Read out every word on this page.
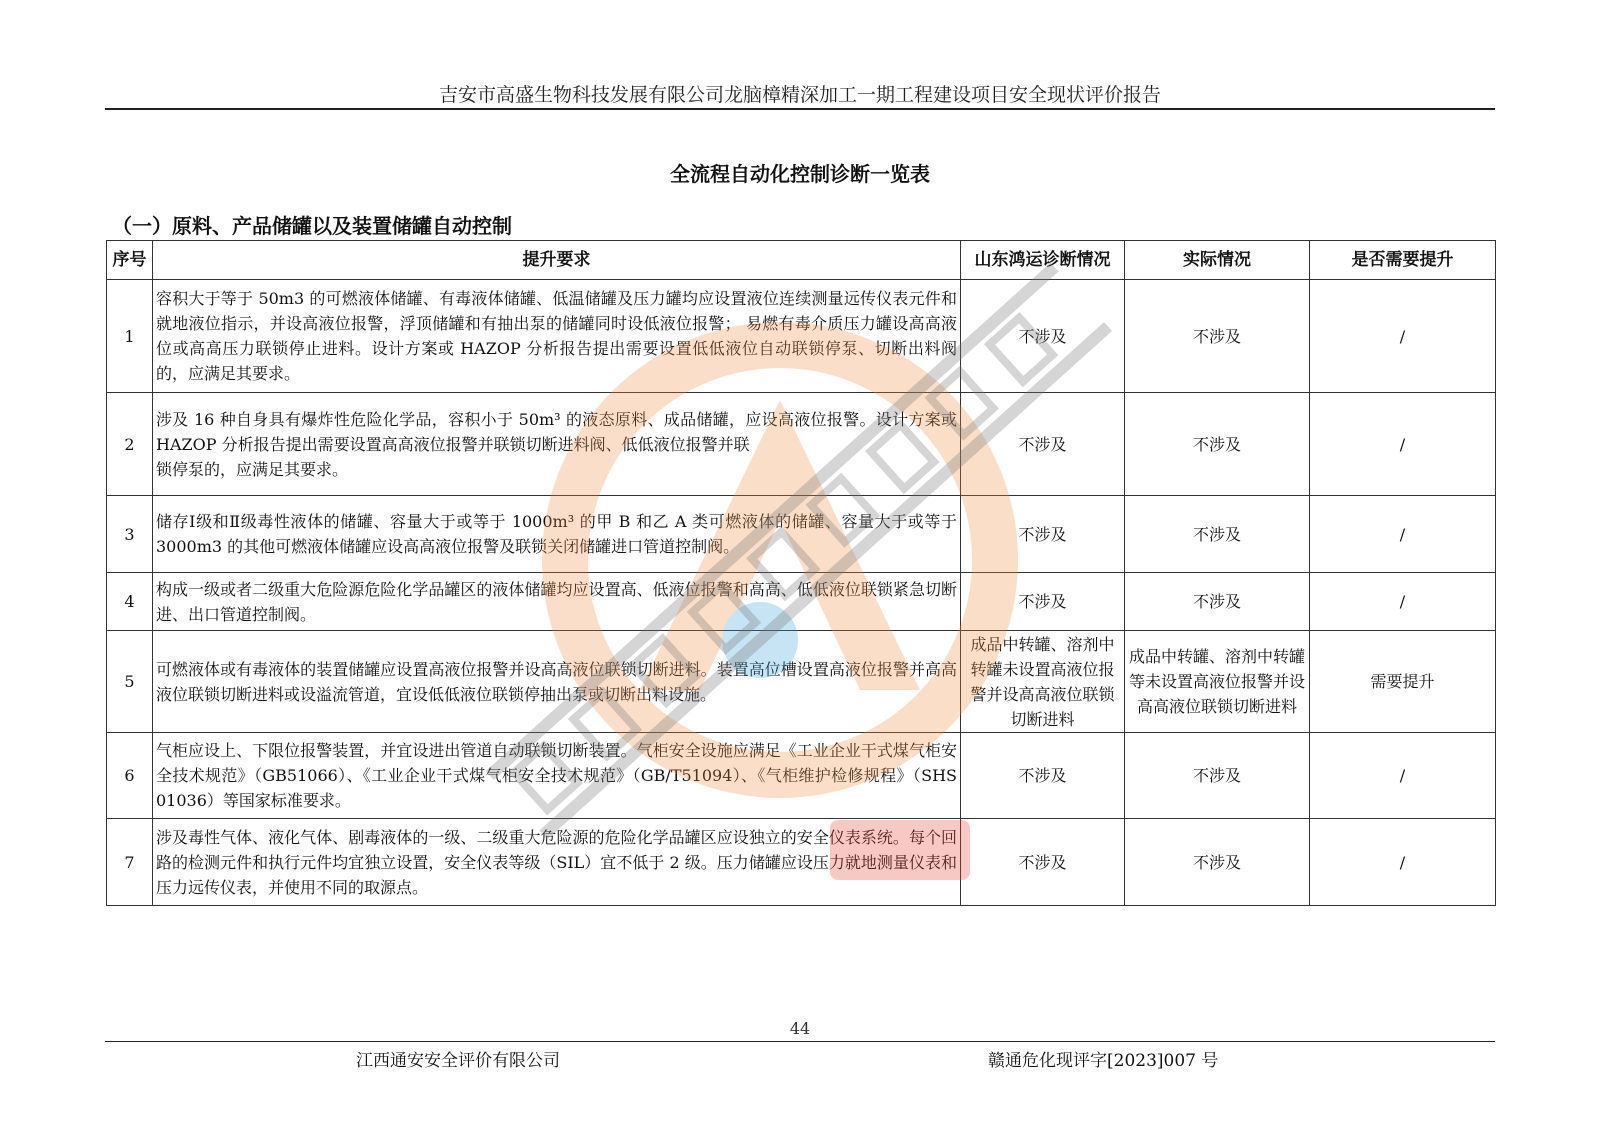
吉安市高盛生物科技发展有限公司龙脑樟精深加工一期工程建设项目安全现状评价报告
全流程自动化控制诊断一览表
（一）原料、产品储罐以及装置储罐自动控制
序号	提升要求	山东鸿运诊断情况	实际情况	是否需要提升
1	容积大于等于 50m3 的可燃液体储罐、有毒液体储罐、低温储罐及压力罐均应设置液位连续测量远传仪表元件和就地液位指示，并设高液位报警，浮顶储罐和有抽出泵的储罐同时设低液位报警； 易燃有毒介质压力罐设高高液位或高高压力联锁停止进料。设计方案或 HAZOP 分析报告提出需要设置低低液位自动联锁停泵、切断出料阀的，应满足其要求。	不涉及	不涉及	/
2	涉及 16 种自身具有爆炸性危险化学品，容积小于 50m³ 的液态原料、成品储罐，应设高液位报警。设计方案或 HAZOP 分析报告提出需要设置高高液位报警并联锁切断进料阀、低低液位报警并联
锁停泵的，应满足其要求。	不涉及	不涉及	/
3	储存Ⅰ级和Ⅱ级毒性液体的储罐、容量大于或等于 1000m³ 的甲 B 和乙 A 类可燃液体的储罐、容量大于或等于 3000m3 的其他可燃液体储罐应设高高液位报警及联锁关闭储罐进口管道控制阀。	不涉及	不涉及	/
4	构成一级或者二级重大危险源危险化学品罐区的液体储罐均应设置高、低液位报警和高高、低低液位联锁紧急切断进、出口管道控制阀。	不涉及	不涉及	/
5	可燃液体或有毒液体的装置储罐应设置高液位报警并设高高液位联锁切断进料。装置高位槽设置高液位报警并高高液位联锁切断进料或设溢流管道，宜设低低液位联锁停抽出泵或切断出料设施。	成品中转罐、溶剂中转罐未设置高液位报警并设高高液位联锁切断进料	成品中转罐、溶剂中转罐等未设置高液位报警并设高高液位联锁切断进料	需要提升
6	气柜应设上、下限位报警装置，并宜设进出管道自动联锁切断装置。气柜安全设施应满足《工业企业干式煤气柜安全技术规范》（GB51066）、《工业企业干式煤气柜安全技术规范》（GB/T51094）、《气柜维护检修规程》（SHS 01036）等国家标准要求。	不涉及	不涉及	/
7	涉及毒性气体、液化气体、剧毒液体的一级、二级重大危险源的危险化学品罐区应设独立的安全仪表系统。每个回路的检测元件和执行元件均宜独立设置，安全仪表等级（SIL）宜不低于 2 级。压力储罐应设压力就地测量仪表和压力远传仪表，并使用不同的取源点。	不涉及	不涉及	/
44
江西通安安全评价有限公司	赣通危化现评字[2023]007 号
